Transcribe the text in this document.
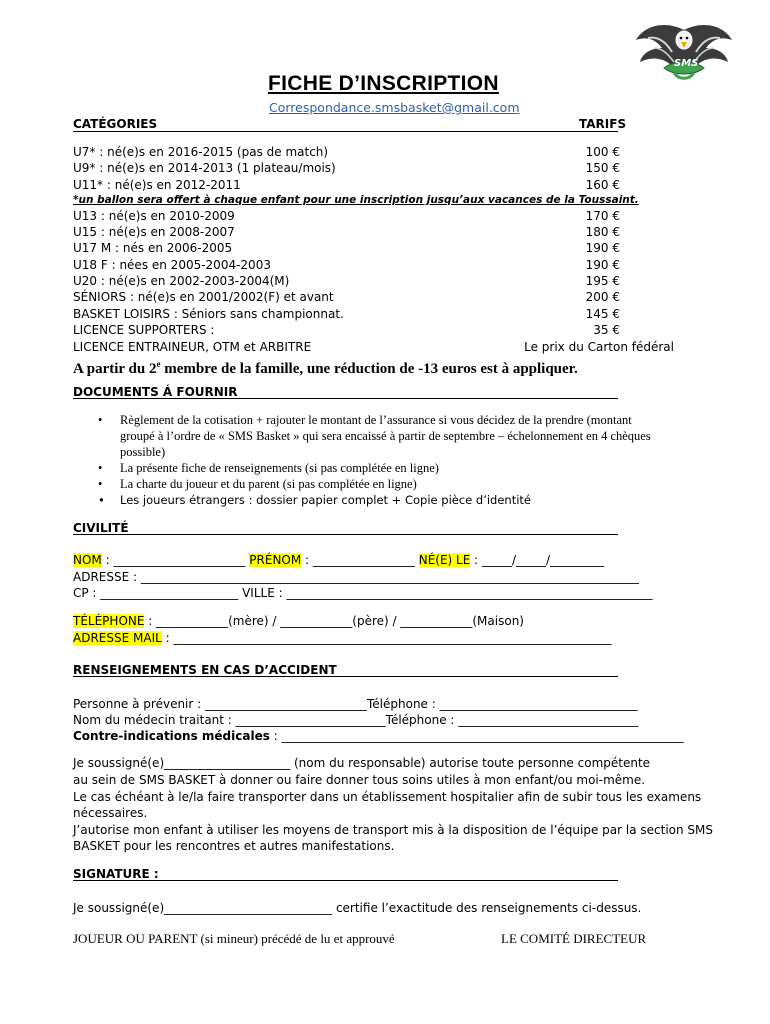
SMS
FICHE D’INSCRIPTION
Correspondance.smsbasket@gmail.com
CATÉGORIES	TARIFS
U7* : né(e)s en 2016-2015 (pas de match)	100 €
U9* : né(e)s en 2014-2013 (1 plateau/mois)	150 €
U11* : né(e)s en 2012-2011	160 €
*un ballon sera offert à chaque enfant pour une inscription jusqu’aux vacances de la Toussaint.
U13 : né(e)s en 2010-2009	170 €
U15 : né(e)s en 2008-2007	180 €
U17 M : nés en 2006-2005	190 €
U18 F : nées en 2005-2004-2003	190 €
U20 : né(e)s en 2002-2003-2004(M)	195 €
SÉNIORS : né(e)s en 2001/2002(F) et avant	200 €
BASKET LOISIRS : Séniors sans championnat.	145 €
LICENCE SUPPORTERS :	35 €
LICENCE ENTRAINEUR, OTM et ARBITRE	Le prix du Carton fédéral
A partir du 2e membre de la famille, une réduction de -13 euros est à appliquer.
DOCUMENTS Á FOURNIR
• Règlement de la cotisation + rajouter le montant de l’assurance si vous décidez de la prendre (montant groupé à l’ordre de « SMS Basket » qui sera encaissé à partir de septembre – échelonnement en 4 chèques possible)
• La présente fiche de renseignements (si pas complétée en ligne)
• La charte du joueur et du parent (si pas complétée en ligne)
• Les joueurs étrangers : dossier papier complet + Copie pièce d’identité
CIVILITÉ
NOM : ______________________ PRÉNOM : _________________ NÉ(E) LE : _____/_____/_________
ADRESSE : ___________________________________________________________________________________
CP : _______________________ VILLE : _____________________________________________________________
TÉLÉPHONE : ____________(mère) / ____________(père) / ____________(Maison)
ADRESSE MAIL : _________________________________________________________________________
RENSEIGNEMENTS EN CAS D’ACCIDENT
Personne à prévenir : ___________________________Téléphone : _________________________________
Nom du médecin traitant : _________________________Téléphone : ______________________________
Contre-indications médicales : ___________________________________________________________________
Je soussigné(e)_____________________ (nom du responsable) autorise toute personne compétente
au sein de SMS BASKET à donner ou faire donner tous soins utiles à mon enfant/ou moi-même.
Le cas échéant à le/la faire transporter dans un établissement hospitalier afin de subir tous les examens
nécessaires.
J’autorise mon enfant à utiliser les moyens de transport mis à la disposition de l’équipe par la section SMS
BASKET pour les rencontres et autres manifestations.
SIGNATURE :
Je soussigné(e)____________________________ certifie l’exactitude des renseignements ci-dessus.
JOUEUR OU PARENT (si mineur) précédé de lu et approuvé	LE COMITÉ DIRECTEUR
